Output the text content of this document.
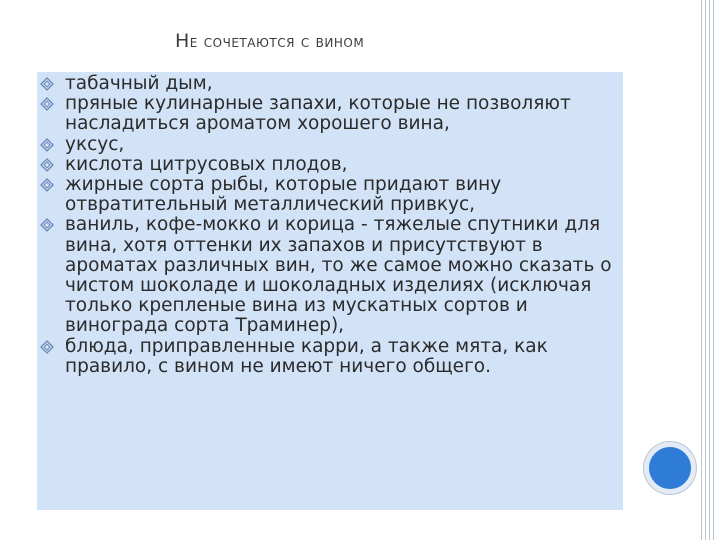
Не сочетаются с вином
табачный дым,
пряные кулинарные запахи, которые не позволяют насладиться ароматом хорошего вина,
уксус,
кислота цитрусовых плодов,
жирные сорта рыбы, которые придают вину отвратительный металлический привкус,
ваниль, кофе-мокко и корица - тяжелые спутники для вина, хотя оттенки их запахов и присутствуют в ароматах различных вин, то же самое можно сказать о чистом шоколаде и шоколадных изделиях (исключая только крепленые вина из мускатных сортов и винограда сорта Траминер),
блюда, приправленные карри, а также мята, как правило, с вином не имеют ничего общего.
